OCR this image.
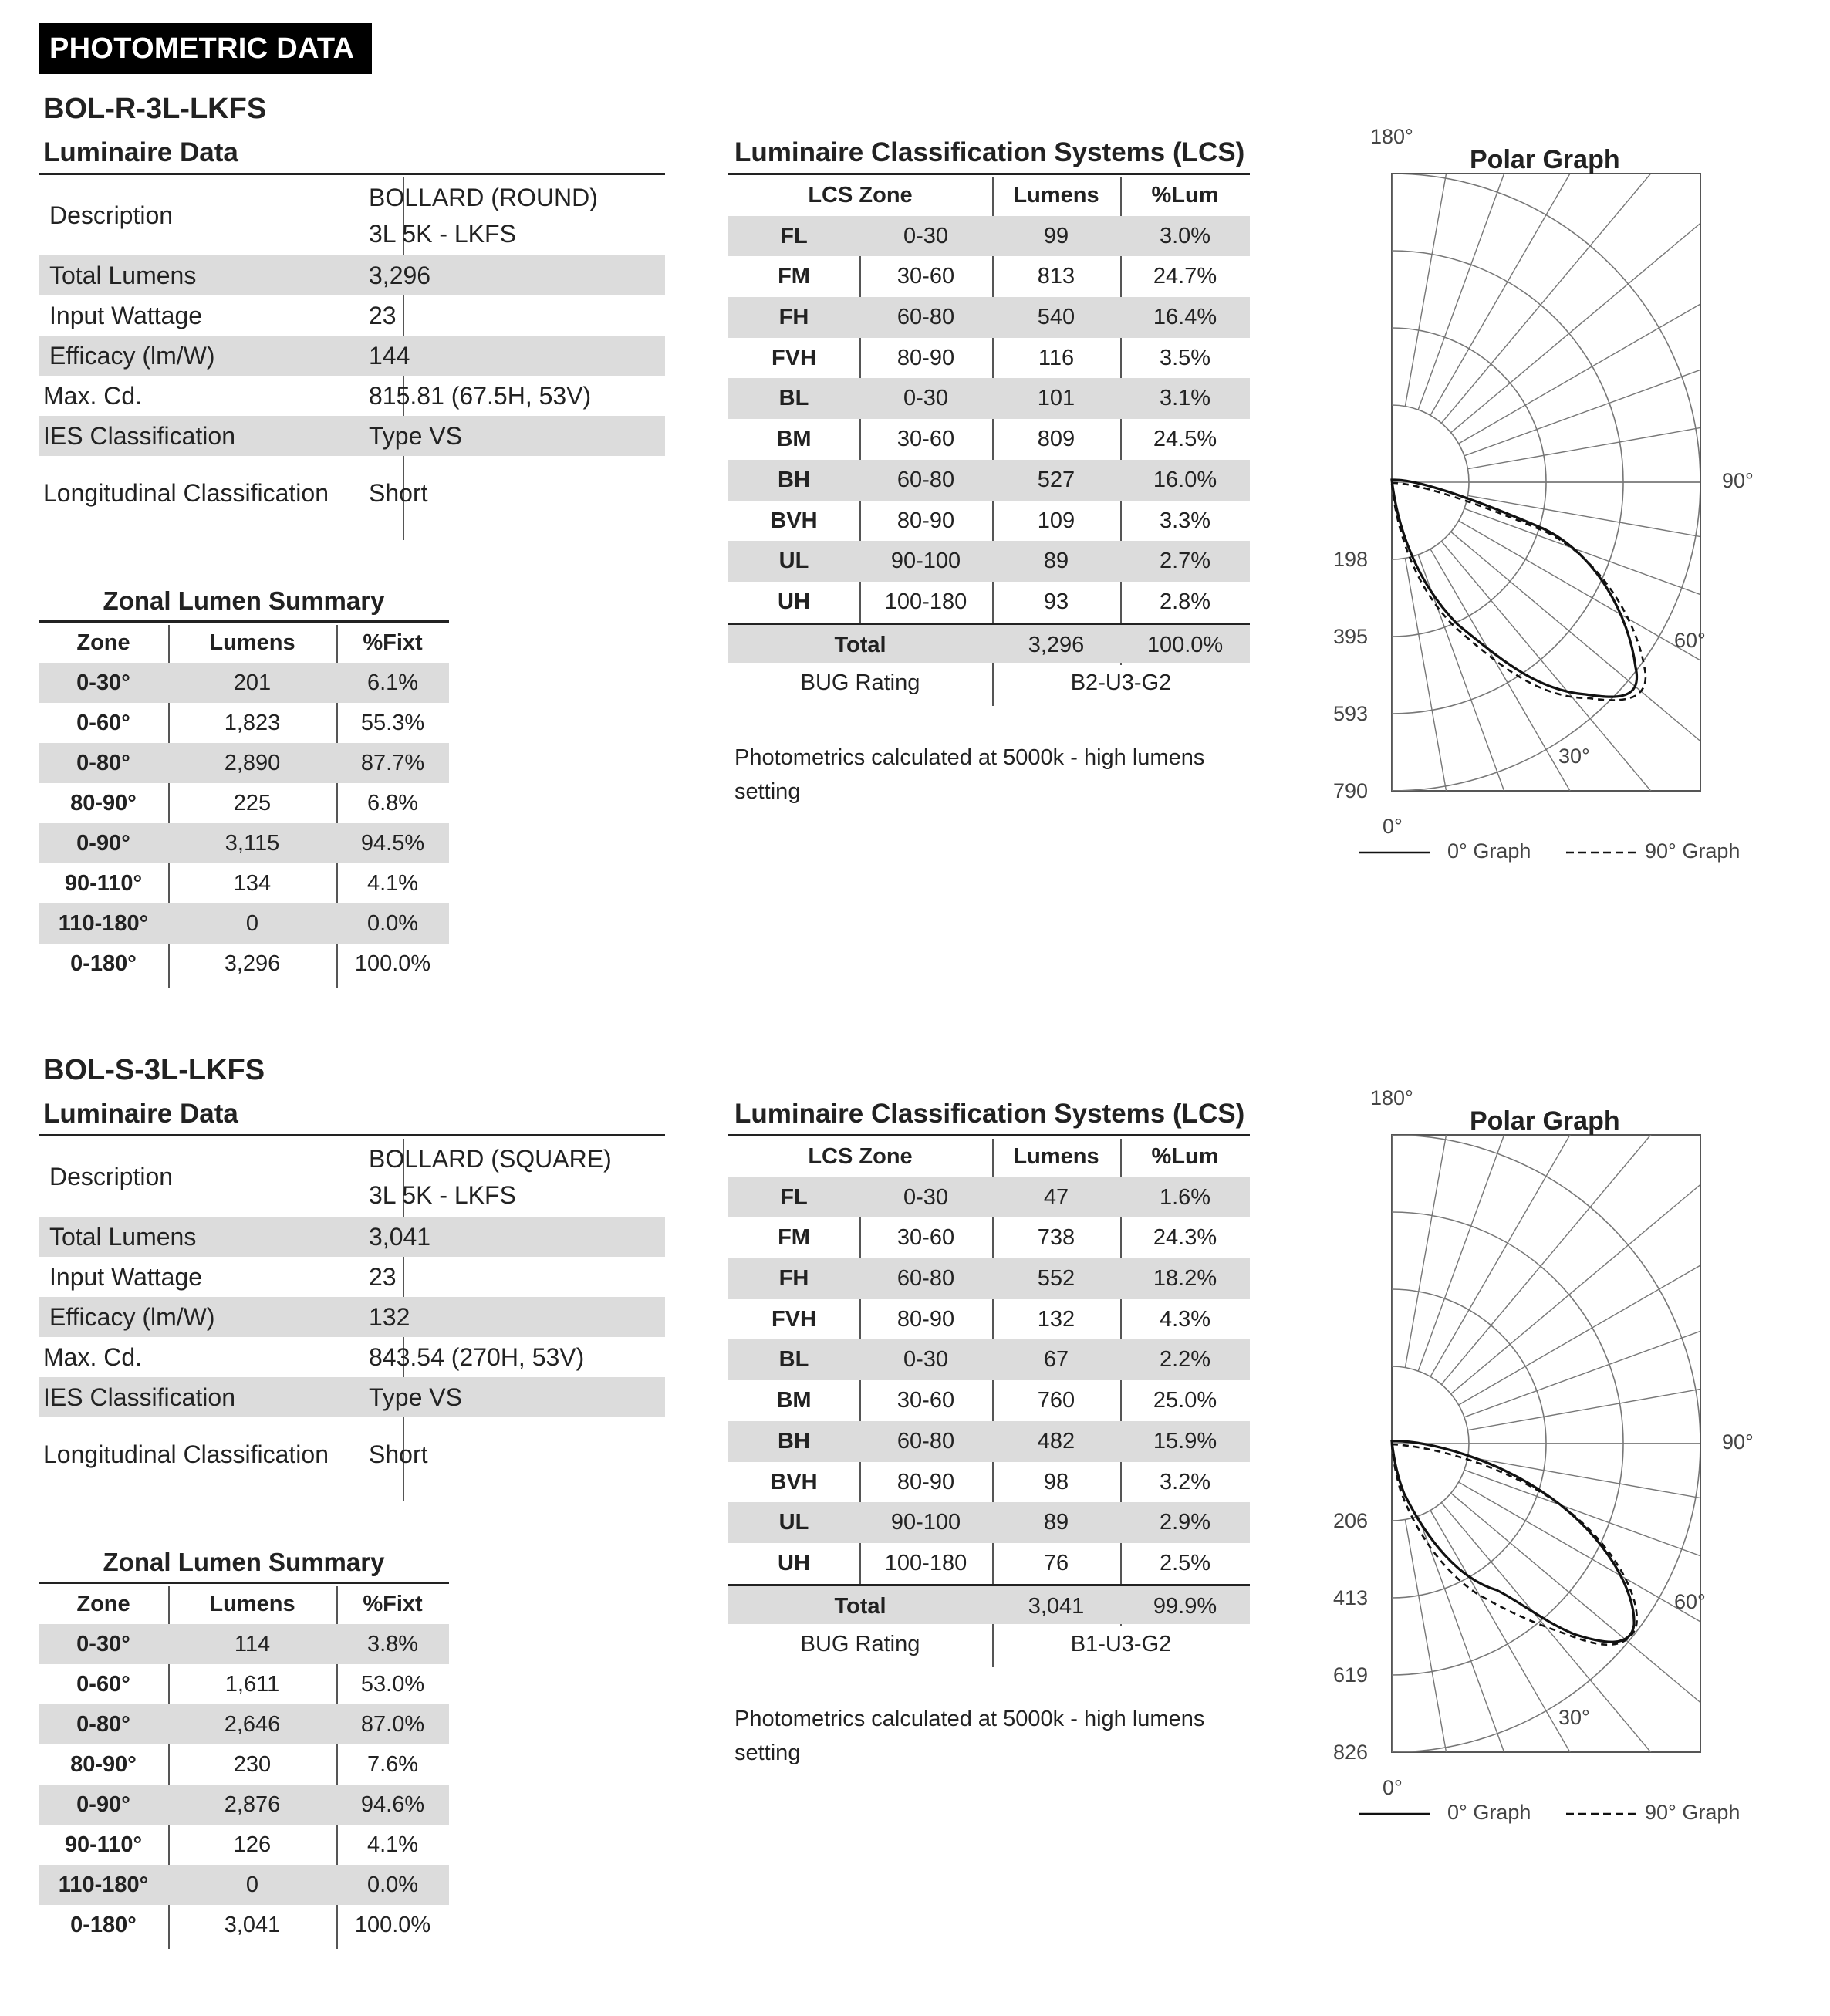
PHOTOMETRIC DATA
BOL-R-3L-LKFS
Luminaire Data
Description
BOLLARD (ROUND)
3L 5K - LKFS
Total Lumens	3,296
Input Wattage	23
Efficacy (lm/W)	144
Max. Cd.	815.81 (67.5H, 53V)
IES Classification	Type VS
Longitudinal Classification Short
Zonal Lumen Summary
Zone	Lumens	%Fixt
0-30°	201	6.1%
0-60°	1,823	55.3%
0-80°	2,890	87.7%
80-90°	225	6.8%
0-90°	3,115	94.5%
90-110°	134	4.1%
110-180°	0	0.0%
0-180°	3,296	100.0%
Luminaire Classification Systems (LCS)
LCS Zone	Lumens	%Lum
FL	0-30	99	3.0%
FM	30-60	813	24.7%
FH	60-80	540	16.4%
FVH	80-90	116	3.5%
BL	0-30	101	3.1%
BM	30-60	809	24.5%
BH	60-80	527	16.0%
BVH	80-90	109	3.3%
UL	90-100	89	2.7%
UH	100-180	93	2.8%
Total	3,296	100.0%
BUG Rating	B2-U3-G2
Photometrics calculated at 5000k - high lumens setting
Polar Graph
180°
90°
60°
30°
0°
198
395
593
790
0° Graph	90° Graph
BOL-S-3L-LKFS
Luminaire Data
Description
BOLLARD (SQUARE)
3L 5K - LKFS
Total Lumens	3,041
Input Wattage	23
Efficacy (lm/W)	132
Max. Cd.	843.54 (270H, 53V)
IES Classification	Type VS
Longitudinal Classification Short
Zonal Lumen Summary
Zone	Lumens	%Fixt
0-30°	114	3.8%
0-60°	1,611	53.0%
0-80°	2,646	87.0%
80-90°	230	7.6%
0-90°	2,876	94.6%
90-110°	126	4.1%
110-180°	0	0.0%
0-180°	3,041	100.0%
Luminaire Classification Systems (LCS)
LCS Zone	Lumens	%Lum
FL	0-30	47	1.6%
FM	30-60	738	24.3%
FH	60-80	552	18.2%
FVH	80-90	132	4.3%
BL	0-30	67	2.2%
BM	30-60	760	25.0%
BH	60-80	482	15.9%
BVH	80-90	98	3.2%
UL	90-100	89	2.9%
UH	100-180	76	2.5%
Total	3,041	99.9%
BUG Rating	B1-U3-G2
Photometrics calculated at 5000k - high lumens setting
Polar Graph
180°
90°
60°
30°
0°
206
413
619
826
0° Graph	90° Graph
